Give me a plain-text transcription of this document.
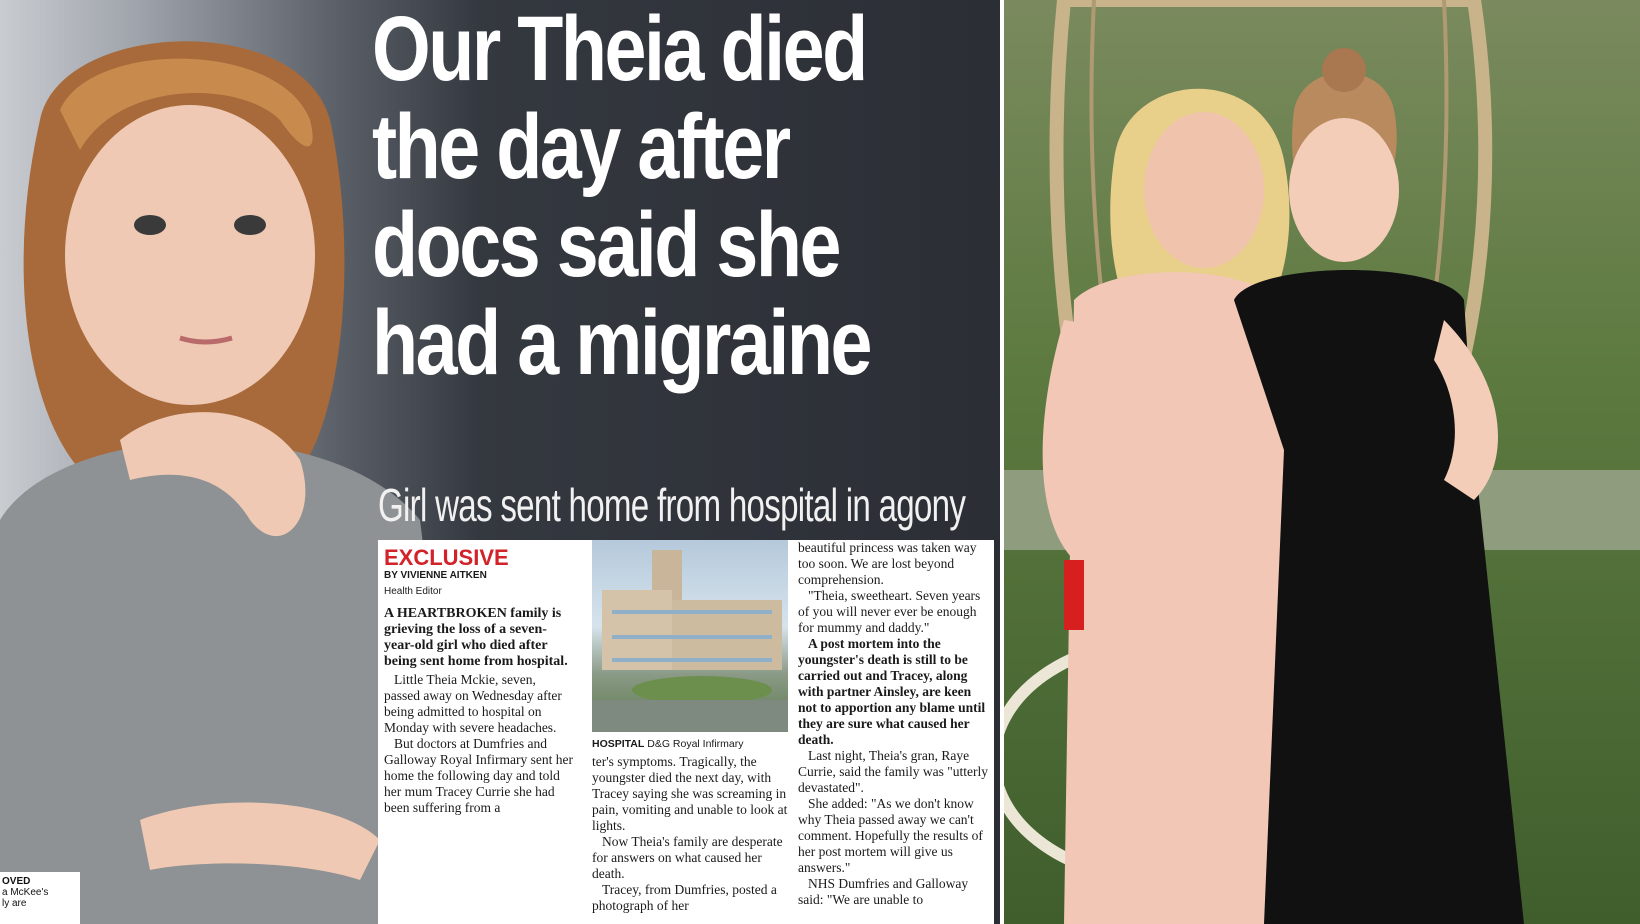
Our Theia died
the day after
docs said she
had a migraine
Girl was sent home from hospital in agony
EXCLUSIVE
BY VIVIENNE AITKEN
Health Editor

A HEARTBROKEN family is grieving the loss of a seven-year-old girl who died after being sent home from hospital.

Little Theia Mckie, seven, passed away on Wednesday after being admitted to hospital on Monday with severe headaches.

But doctors at Dumfries and Galloway Royal Infirmary sent her home the following day and told her mum Tracey Currie she had been suffering from a

HOSPITAL D&G Royal Infirmary

ter's symptoms. Tragically, the youngster died the next day, with Tracey saying she was screaming in pain, vomiting and unable to look at lights.

Now Theia's family are desperate for answers on what caused her death.

Tracey, from Dumfries, posted a photograph of her

beautiful princess was taken way too soon. We are lost beyond comprehension.

"Theia, sweetheart. Seven years of you will never ever be enough for mummy and daddy."

A post mortem into the youngster's death is still to be carried out and Tracey, along with partner Ainsley, are keen not to apportion any blame until they are sure what caused her death.

Last night, Theia's gran, Raye Currie, said the family was "utterly devastated".

She added: "As we don't know why Theia passed away we can't comment. Hopefully the results of her post mortem will give us answers."

NHS Dumfries and Galloway said: "We are unable to

OVED
a McKee's
ly are
